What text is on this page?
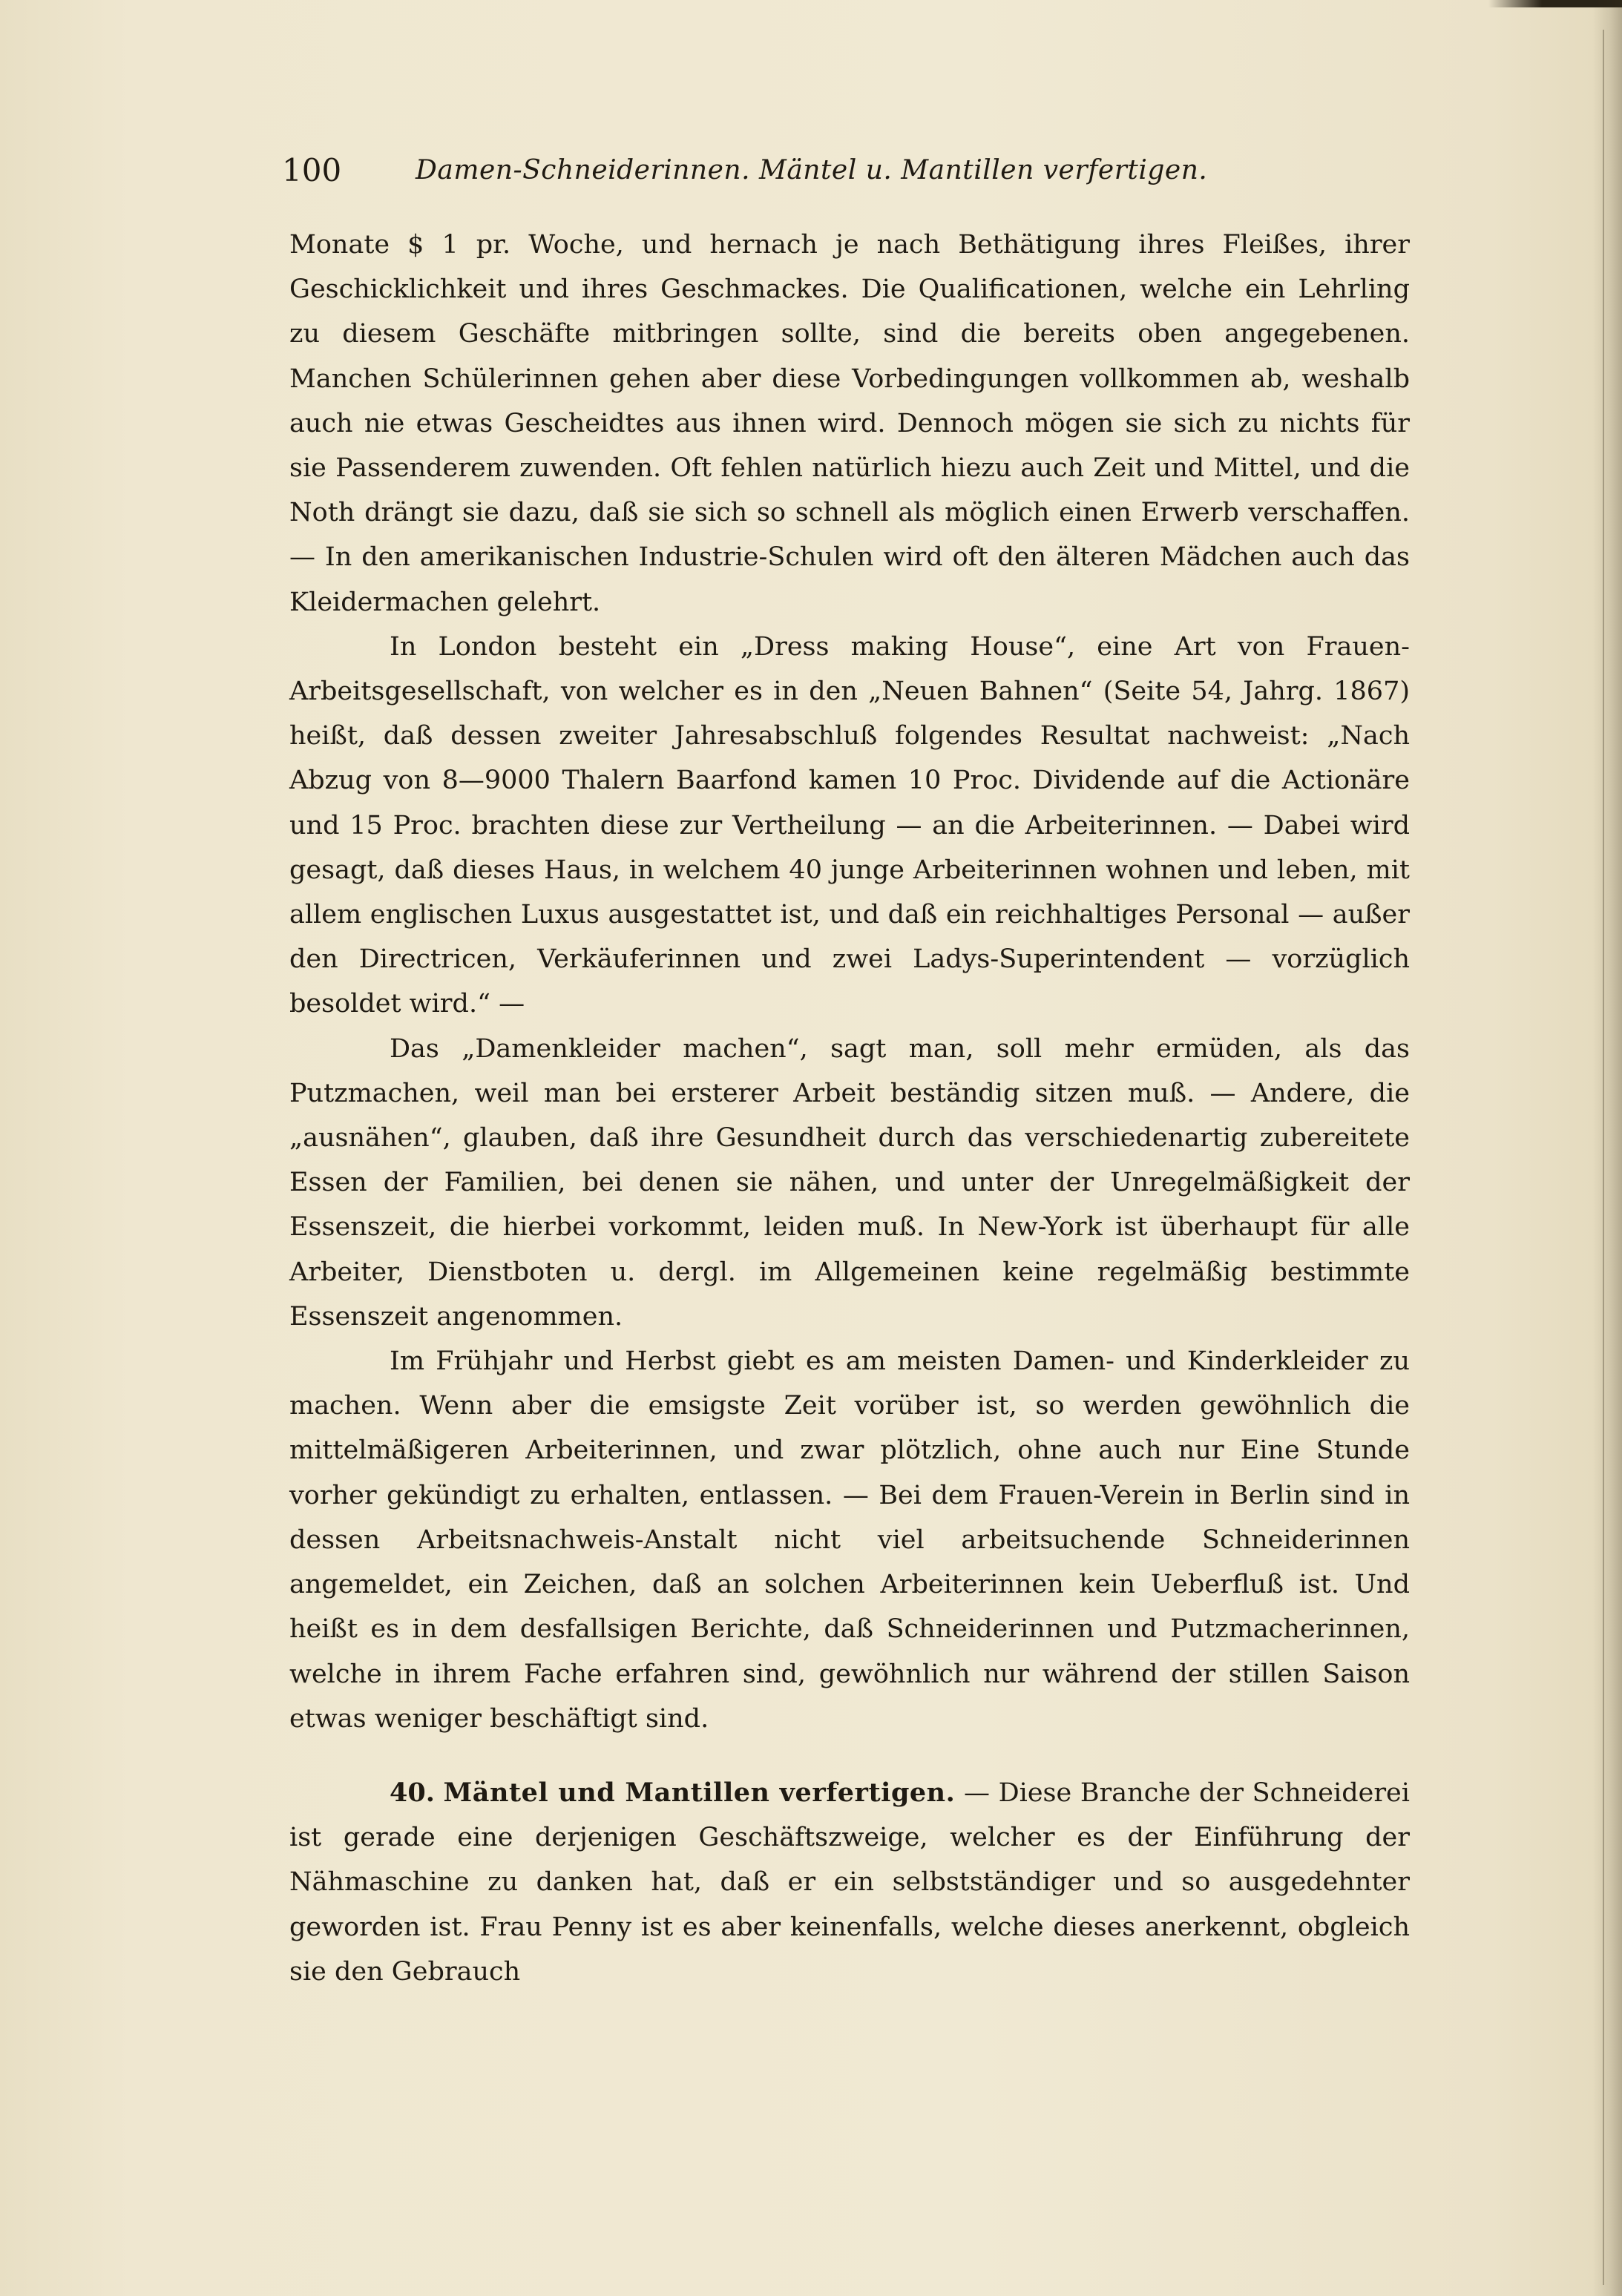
100	Damen-Schneiderinnen. Mäntel u. Mantillen verfertigen.

Monate $ 1 pr. Woche, und hernach je nach Bethätigung ihres Fleißes, ihrer Geschicklichkeit und ihres Geschmackes. Die Qualificationen, welche ein Lehrling zu diesem Geschäfte mitbringen sollte, sind die bereits oben angegebenen. Manchen Schülerinnen gehen aber diese Vorbedingungen vollkommen ab, weshalb auch nie etwas Gescheidtes aus ihnen wird. Dennoch mögen sie sich zu nichts für sie Passenderem zuwenden. Oft fehlen natürlich hiezu auch Zeit und Mittel, und die Noth drängt sie dazu, daß sie sich so schnell als möglich einen Erwerb verschaffen. — In den amerikanischen Industrie-Schulen wird oft den älteren Mädchen auch das Kleidermachen gelehrt.

In London besteht ein „Dress making House“, eine Art von Frauen-Arbeitsgesellschaft, von welcher es in den „Neuen Bahnen“ (Seite 54, Jahrg. 1867) heißt, daß dessen zweiter Jahresabschluß folgendes Resultat nachweist: „Nach Abzug von 8—9000 Thalern Baarfond kamen 10 Proc. Dividende auf die Actionäre und 15 Proc. brachten diese zur Vertheilung — an die Arbeiterinnen. — Dabei wird gesagt, daß dieses Haus, in welchem 40 junge Arbeiterinnen wohnen und leben, mit allem englischen Luxus ausgestattet ist, und daß ein reichhaltiges Personal — außer den Directricen, Verkäuferinnen und zwei Ladys-Superintendent — vorzüglich besoldet wird.“ —

Das „Damenkleider machen“, sagt man, soll mehr ermüden, als das Putzmachen, weil man bei ersterer Arbeit beständig sitzen muß. — Andere, die „ausnähen“, glauben, daß ihre Gesundheit durch das verschiedenartig zubereitete Essen der Familien, bei denen sie nähen, und unter der Unregelmäßigkeit der Essenszeit, die hierbei vorkommt, leiden muß. In New-York ist überhaupt für alle Arbeiter, Dienstboten u. dergl. im Allgemeinen keine regelmäßig bestimmte Essenszeit angenommen.

Im Frühjahr und Herbst giebt es am meisten Damen- und Kinderkleider zu machen. Wenn aber die emsigste Zeit vorüber ist, so werden gewöhnlich die mittelmäßigeren Arbeiterinnen, und zwar plötzlich, ohne auch nur Eine Stunde vorher gekündigt zu erhalten, entlassen. — Bei dem Frauen-Verein in Berlin sind in dessen Arbeitsnachweis-Anstalt nicht viel arbeitsuchende Schneiderinnen angemeldet, ein Zeichen, daß an solchen Arbeiterinnen kein Ueberfluß ist. Und heißt es in dem desfallsigen Berichte, daß Schneiderinnen und Putzmacherinnen, welche in ihrem Fache erfahren sind, gewöhnlich nur während der stillen Saison etwas weniger beschäftigt sind.

40. Mäntel und Mantillen verfertigen. — Diese Branche der Schneiderei ist gerade eine derjenigen Geschäftszweige, welcher es der Einführung der Nähmaschine zu danken hat, daß er ein selbstständiger und so ausgedehnter geworden ist. Frau Penny ist es aber keinenfalls, welche dieses anerkennt, obgleich sie den Gebrauch
